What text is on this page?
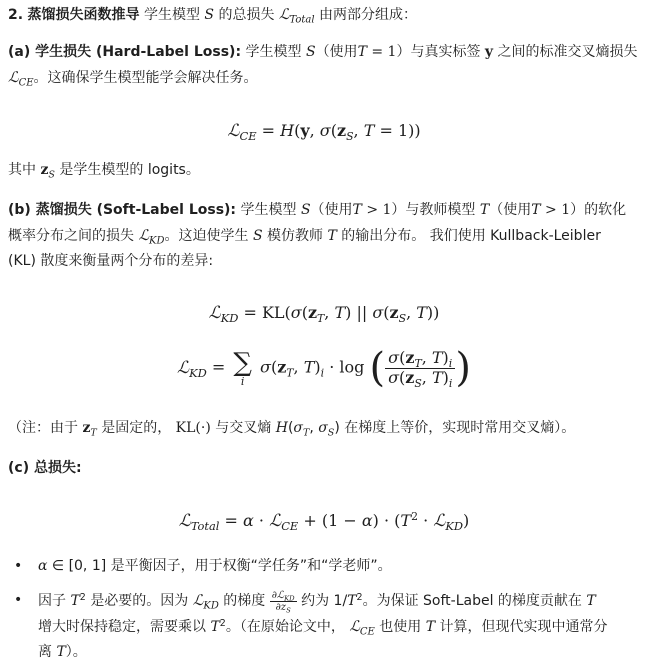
2. 蒸馏损失函数推导 学生模型 S 的总损失 ℒ$_{Total}$ 由两部分组成：
(a) 学生损失 (Hard-Label Loss): 学生模型 S（使用T = 1）与真实标签 y 之间的标准交叉熵损失
ℒ$_{CE}$。这确保学生模型能学会解决任务。
ℒ$_{CE}$ = H(y, $\sigma(z_S$, T = 1))
其中 $z_S$ 是学生模型的 logits。
(b) 蒸馏损失 (Soft-Label Loss): 学生模型 S（使用T > 1）与教师模型 T（使用T > 1）的软化
概率分布之间的损失 ℒ$_{KD}$。这迫使学生 S 模仿教师 T 的输出分布。 我们使用 Kullback-Leibler
(KL) 散度来衡量两个分布的差异:
ℒ$_{KD}$ = $KL(\sigma(z_T$, T) || $\sigma(z_S$, T))
ℒ$_{KD}$ = ∑
i
$\sigma(z_T$, $T)_i \cdot \log$ ( $\frac{\sigma(z_T, T)_i}{\sigma(z_S, T)_i}$ )
（注：由于 $z_T$ 是固定的， KL(·) 与交叉熵 $H(\sigma_T$, $\sigma_S$) 在梯度上等价，实现时常用交叉熵）。
(c) 总损失:
ℒ$_{Total}$ = α · ℒ$_{CE}$ + $(1 - \alpha) \cdot (T^2$ · ℒ$_{KD}$)
• α ∈ [0, 1] 是平衡因子，用于权衡“学任务”和“学老师”。
• 因子 $T^2$ 是必要的。因为 ℒ$_{KD}$ 的梯度 $\frac{\partial ℒ_{KD}}{\partial z_S}$ 约为 $1/T^2$。为保证 Soft-Label 的梯度贡献在 T
增大时保持稳定，需要乘以 $T^2$。（在原始论文中， ℒ$_{CE}$ 也使用 T 计算，但现代实现中通常分
离 T）。
